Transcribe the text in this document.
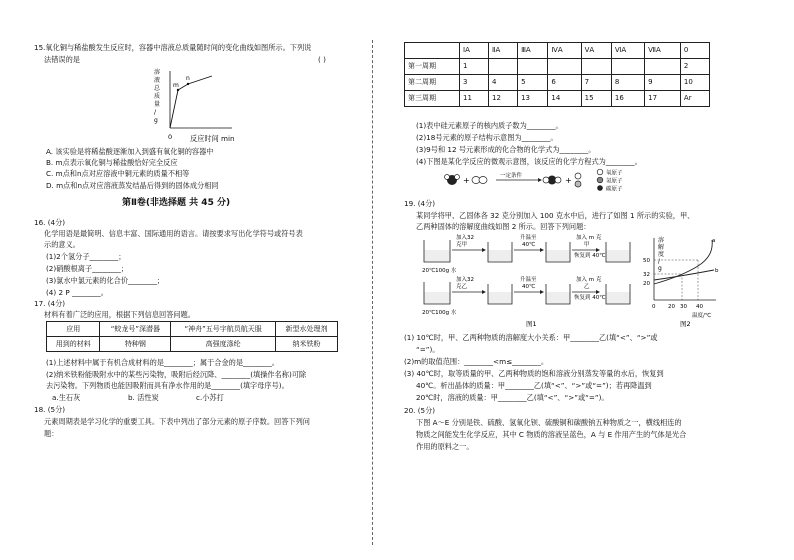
15.氧化铜与稀盐酸发生反应时，容器中溶液总质量随时间的变化曲线如图所示。下列说
法错误的是	( )
溶
液
总
质
量
/
g
m
n
0 反应时间 min
A. 该实验是将稀盐酸逐渐加入到盛有氧化铜的容器中
B. m点表示氧化铜与稀盐酸恰好完全反应
C. m点和n点对应溶液中铜元素的质量不相等
D. m点和n点对应溶液蒸发结晶后得到的固体成分相同
第Ⅱ卷(非选择题 共 45 分)
16. (4分)
化学用语是最简明、信息丰富、国际通用的语言。请按要求写出化学符号或符号表
示的意义。
(1)2个氢分子________；
(2)硝酸根离子________；
(3)氯水中氯元素的化合价________；
(4) 2 P ________。
17. (4分)
材料有着广泛的应用，根据下列信息回答问题。
应用	“蛟龙号”深潜器	“神舟”五号宇航员航天服	新型水处理剂
用到的材料	特种钢	高强度涤纶	纳米铁粉
(1)上述材料中属于有机合成材料的是________；属于合金的是________。
(2)纳米铁粉能吸附水中的某些污染物，吸附后经沉降、________(填操作名称)可除
去污染物。下列物质也能因吸附而具有净水作用的是________(填字母序号)。
a.生石灰	b. 活性炭	c.小苏打
18. (5分)
元素周期表是学习化学的重要工具。下表中列出了部分元素的原子序数。回答下列问
题：
	ⅠA	ⅡA	ⅢA	ⅣA	ⅤA	ⅥA	ⅦA	0
第一周期	1							2
第二周期	3	4	5	6	7	8	9	10
第三周期	11	12	13	14	15	16	17	Ar
(1)表中硅元素原子的核内质子数为________。
(2)18号元素的原子结构示意图为________。
(3)9号和 12 号元素形成的化合物的化学式为________。
(4)下图是某化学反应的微观示意图，该反应的化学方程式为________。
+	一定条件	+
氧原子
氢原子
碳原子
19. (4分)
某同学将甲、乙固体各 32 克分别加入 100 克水中后，进行了如图 1 所示的实验，甲、
乙两种固体的溶解度曲线如图 2 所示。回答下列问题：
加入32
克甲
升温至
40℃
加入 m 克
甲
恢复到 40℃
20℃100g 水
加入32
克乙
升温至
40℃
加入 m 克
乙
恢复到 40℃
20℃100g 水
图1
溶
解
度
/
g
50
32
20
0 20 30 40
a
b
温度/℃
图2
(1) 10℃时，甲、乙两种物质的溶解度大小关系：甲________乙(填“<”、“>”或
“=”)。
(2)m的取值范围：________<m≤________。
(3) 40℃时，取等质量的甲、乙两种物质的饱和溶液分别蒸发等量的水后，恢复到
40℃。析出晶体的质量：甲________乙(填“<”、“>”或“=”)；若再降温到
20℃时，溶液的质量：甲________乙(填“<”、“>”或“=”)。
20. (5分)
下图 A～E 分别是铁、硫酸、氢氧化钡、硫酸铜和碳酸钠五种物质之一，横线相连的
物质之间能发生化学反应，其中 C 物质的溶液呈蓝色，A 与 E 作用产生的气体是光合
作用的原料之一。
